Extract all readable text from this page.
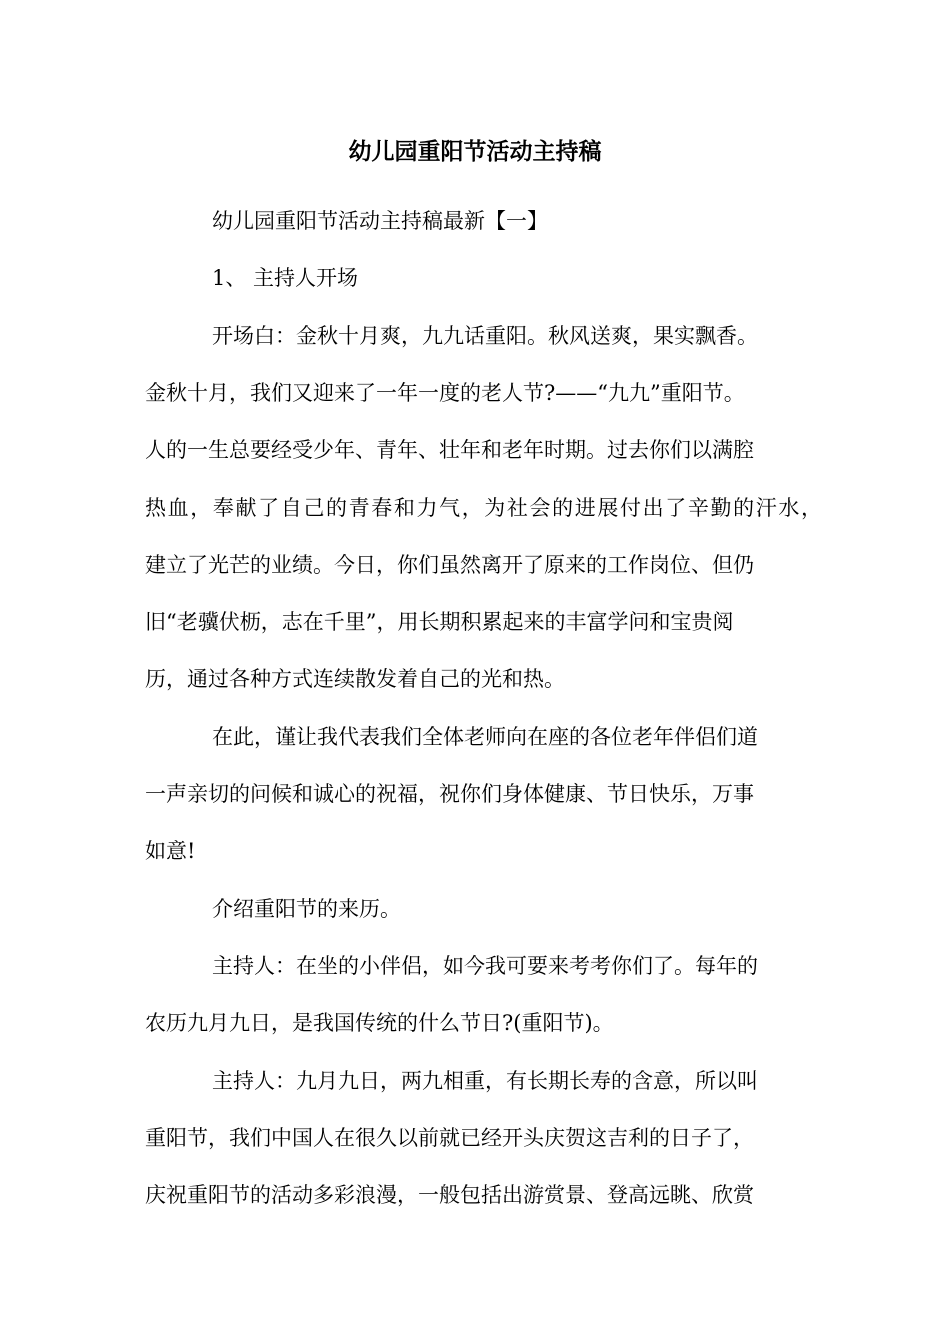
幼儿园重阳节活动主持稿
幼儿园重阳节活动主持稿最新【一】
1、 主持人开场
开场白：金秋十月爽，九九话重阳。秋风送爽，果实飘香。
金秋十月，我们又迎来了一年一度的老人节?——“九九”重阳节。
人的一生总要经受少年、青年、壮年和老年时期。过去你们以满腔
热血，奉献了自己的青春和力气，为社会的进展付出了辛勤的汗水，
建立了光芒的业绩。今日，你们虽然离开了原来的工作岗位、但仍
旧“老骥伏枥，志在千里”，用长期积累起来的丰富学问和宝贵阅
历，通过各种方式连续散发着自己的光和热。
在此，谨让我代表我们全体老师向在座的各位老年伴侣们道
一声亲切的问候和诚心的祝福，祝你们身体健康、节日快乐，万事
如意!
介绍重阳节的来历。
主持人：在坐的小伴侣，如今我可要来考考你们了。每年的
农历九月九日，是我国传统的什么节日?(重阳节)。
主持人：九月九日，两九相重，有长期长寿的含意，所以叫
重阳节，我们中国人在很久以前就已经开头庆贺这吉利的日子了，
庆祝重阳节的活动多彩浪漫，一般包括出游赏景、登高远眺、欣赏
